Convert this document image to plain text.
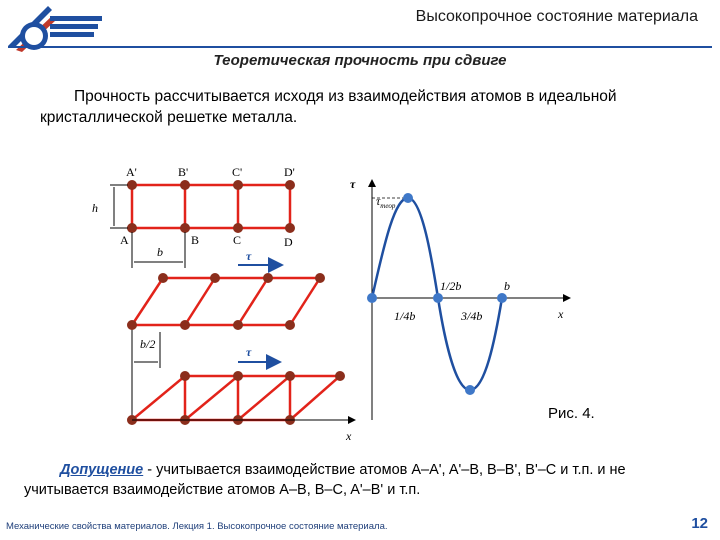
Высокопрочное состояние материала
Теоретическая прочность при сдвиге
Прочность рассчитывается исходя из взаимодействия атомов в идеальной кристаллической решетке металла.
A'	B'	C'	D'
A	B	C	D
h
b	τ
b/2
τ
x
τ
$\tau_{теор}$
1/4b
1/2b
3/4b
b
x
Рис. 4.
Допущение - учитывается взаимодействие атомов A–A', A'–B, B–B', B'–C и т.п. и не учитывается взаимодействие атомов A–B, B–C, A'–B' и т.п.
Механические свойства материалов. Лекция 1. Высокопрочное состояние материала.	12
